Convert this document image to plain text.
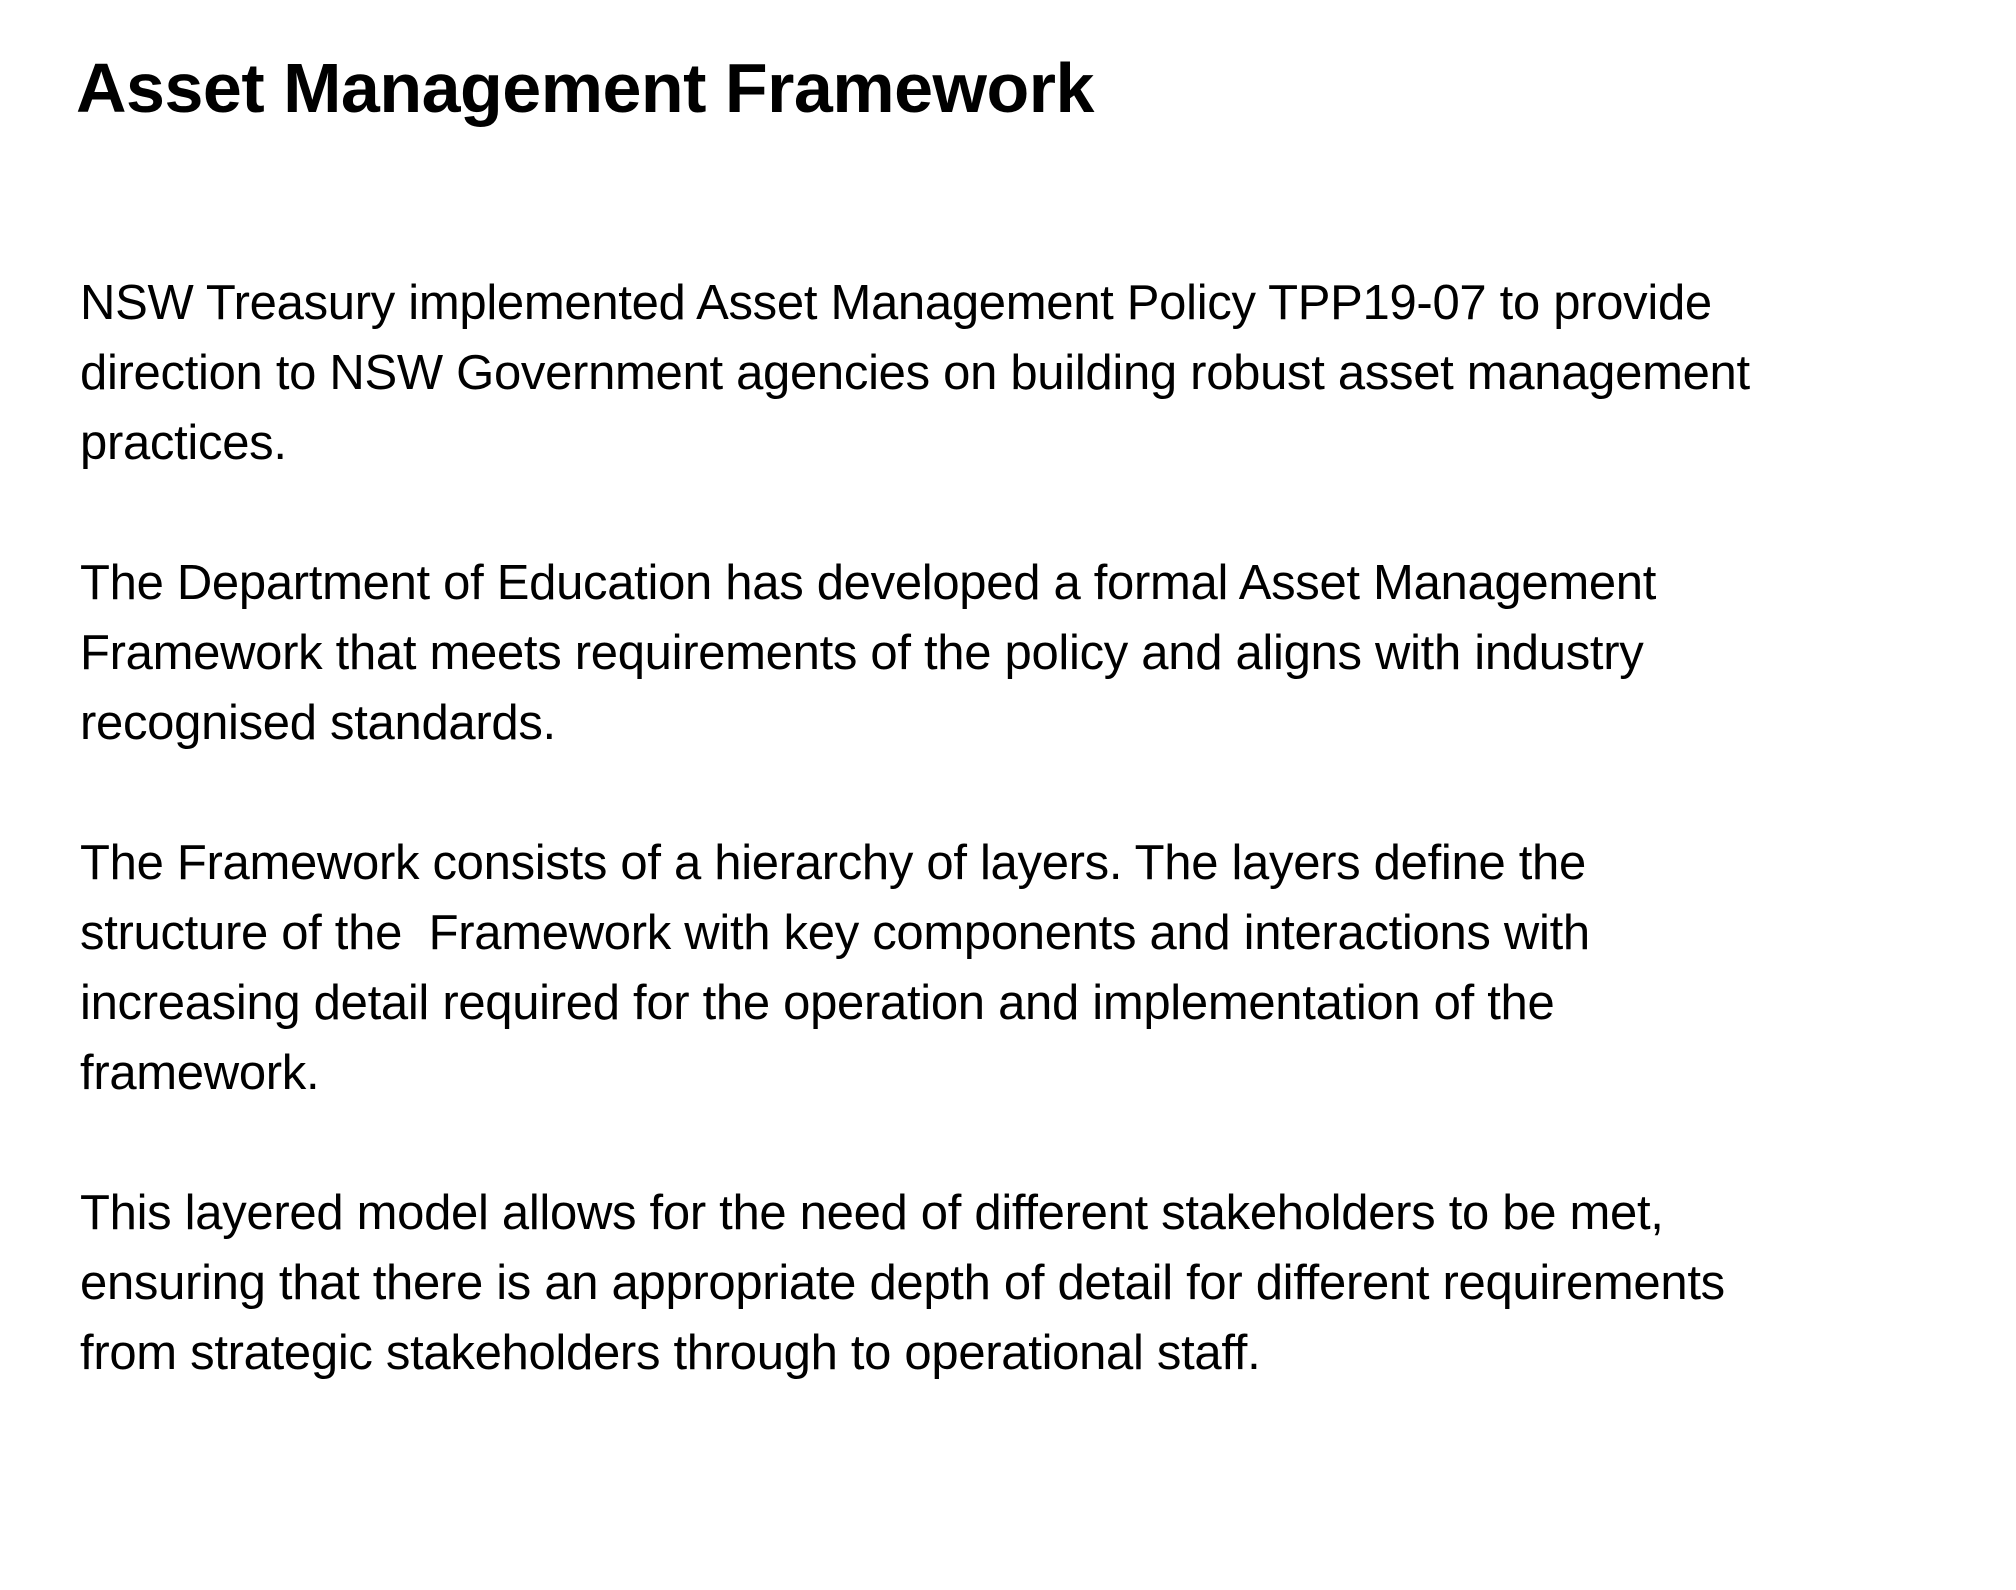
Asset Management Framework

NSW Treasury implemented Asset Management Policy TPP19-07 to provide
direction to NSW Government agencies on building robust asset management
practices.

The Department of Education has developed a formal Asset Management
Framework that meets requirements of the policy and aligns with industry
recognised standards.

The Framework consists of a hierarchy of layers. The layers define the
structure of the  Framework with key components and interactions with
increasing detail required for the operation and implementation of the
framework.

This layered model allows for the need of different stakeholders to be met,
ensuring that there is an appropriate depth of detail for different requirements
from strategic stakeholders through to operational staff.
